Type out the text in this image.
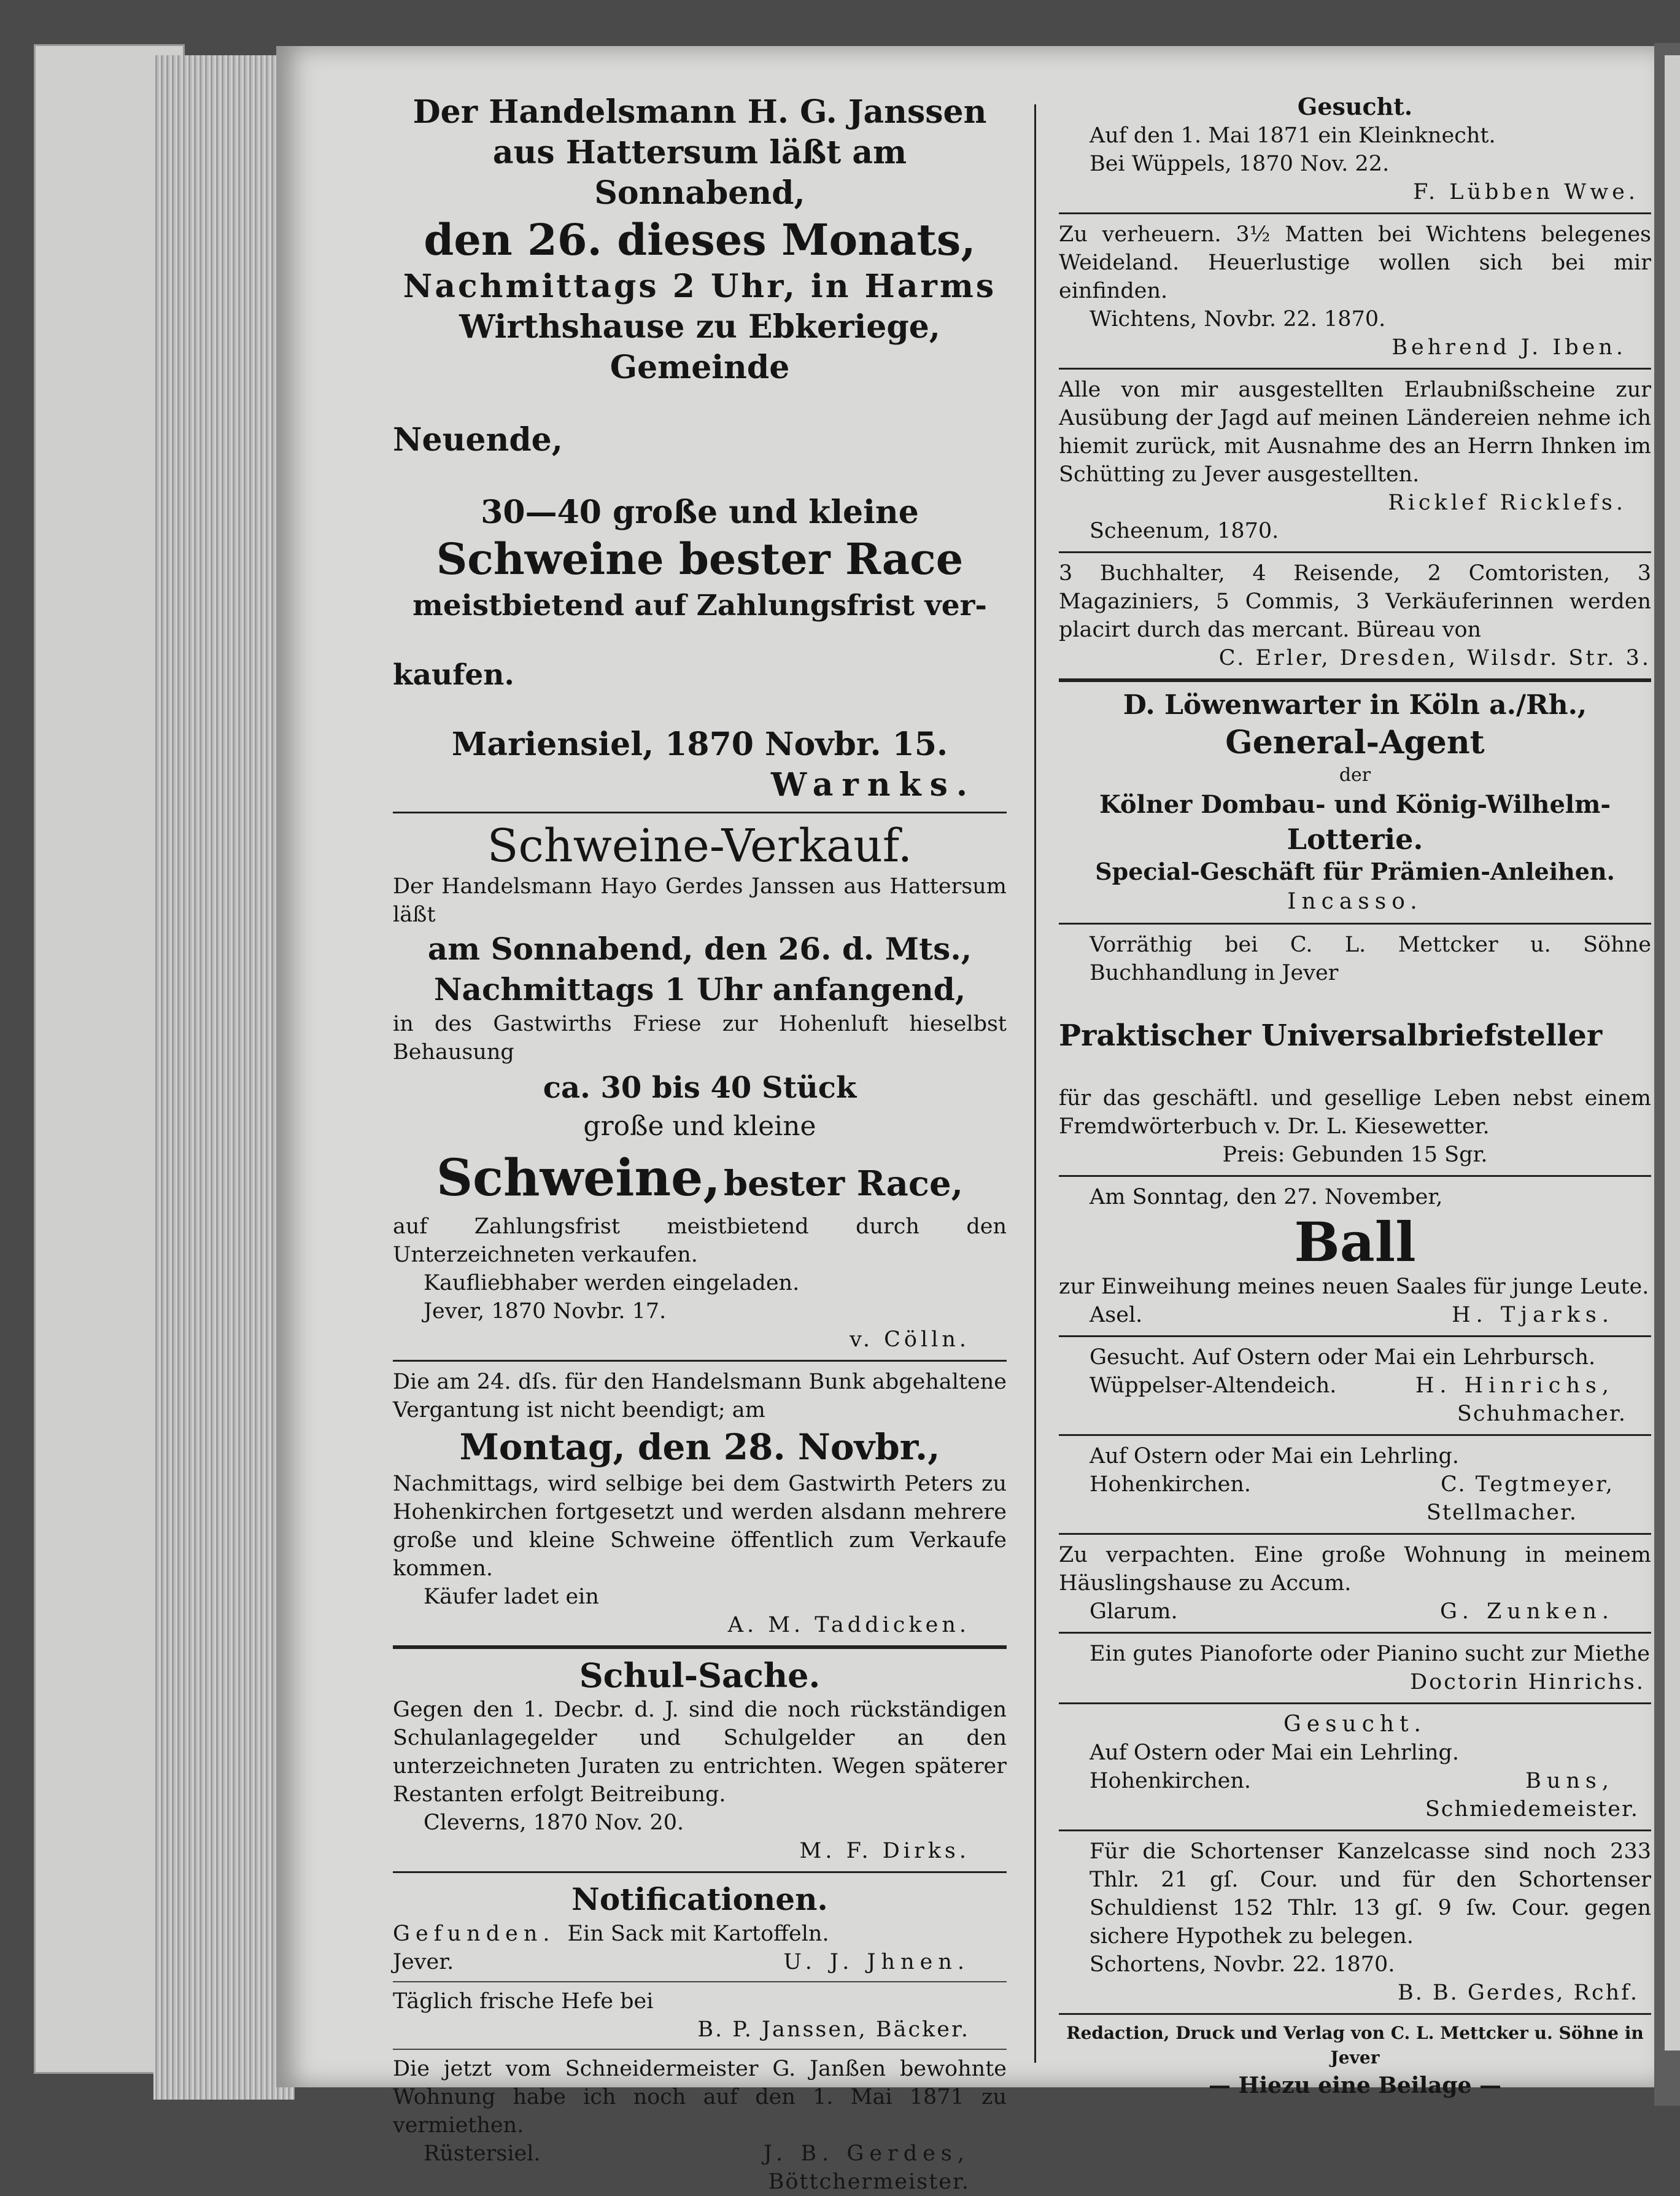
Der Handelsmann H. G. Janssen

aus Hattersum läßt am Sonnabend,

den 26. dieses Monats,

Nachmittags 2 Uhr, in Harms

Wirthshause zu Ebkeriege, Gemeinde

Neuende,

30—40 große und kleine

Schweine bester Race

meistbietend auf Zahlungsfrist ver-

kaufen.

Mariensiel, 1870 Novbr. 15.

Warnks.

Schweine-Verkauf.

Der Handelsmann Hayo Gerdes Janssen aus Hattersum läßt

am Sonnabend, den 26. d. Mts.,

Nachmittags 1 Uhr anfangend,

in des Gastwirths Friese zur Hohenluft hieselbst Behausung

ca. 30 bis 40 Stück

große und kleine

Schweine, bester Race,

auf Zahlungsfrist meistbietend durch den Unterzeichneten verkaufen.

Kaufliebhaber werden eingeladen.

Jever, 1870 Novbr. 17.

v. Cölln.

Die am 24. dſs. für den Handelsmann Bunk abgehaltene Vergantung ist nicht beendigt; am

Montag, den 28. Novbr.,

Nachmittags, wird selbige bei dem Gastwirth Peters zu Hohenkirchen fortgesetzt und werden alsdann mehrere große und kleine Schweine öffentlich zum Verkaufe kommen.

Käufer ladet ein

A. M. Taddicken.

Schul-Sache.

Gegen den 1. Decbr. d. J. sind die noch rückständigen Schulanlagegelder und Schulgelder an den unterzeichneten Juraten zu entrichten. Wegen späterer Restanten erfolgt Beitreibung.

Cleverns, 1870 Nov. 20.

M. F. Dirks.

Notificationen.

Gefunden. Ein Sack mit Kartoffeln.
Jever.	U. J. Jhnen.

Täglich frische Hefe bei

B. P. Janssen, Bäcker.

Die jetzt vom Schneidermeister G. Janßen bewohnte Wohnung habe ich noch auf den 1. Mai 1871 zu vermiethen.

Rüstersiel.	J. B. Gerdes,

Böttchermeister.

Gesucht.

Auf den 1. Mai 1871 ein Kleinknecht.

Bei Wüppels, 1870 Nov. 22.

F. Lübben Wwe.

Zu verheuern. 3½ Matten bei Wichtens belegenes Weideland. Heuerlustige wollen sich bei mir einfinden.

Wichtens, Novbr. 22. 1870.

Behrend J. Iben.

Alle von mir ausgestellten Erlaubnißscheine zur Ausübung der Jagd auf meinen Ländereien nehme ich hiemit zurück, mit Ausnahme des an Herrn Ihnken im Schütting zu Jever ausgestellten.

Ricklef Ricklefs.

Scheenum, 1870.

3 Buchhalter, 4 Reisende, 2 Comtoristen, 3 Magaziniers, 5 Commis, 3 Verkäuferinnen werden placirt durch das mercant. Büreau von

C. Erler, Dresden, Wilsdr. Str. 3.

D. Löwenwarter in Köln a./Rh.,

General-Agent

der

Kölner Dombau- und König-Wilhelm-

Lotterie.

Special-Geschäft für Prämien-Anleihen.

Incasso.

Vorräthig bei C. L. Mettcker u. Söhne Buchhandlung in Jever

Praktischer Universalbriefsteller

für das geschäftl. und gesellige Leben nebst einem Fremdwörterbuch v. Dr. L. Kiesewetter.

Preis: Gebunden 15 Sgr.

Am Sonntag, den 27. November,

Ball

zur Einweihung meines neuen Saales für junge Leute.

Asel.	H. Tjarks.

Gesucht. Auf Ostern oder Mai ein Lehrbursch.

Wüppelser-Altendeich.	H. Hinrichs,

Schuhmacher.

Auf Ostern oder Mai ein Lehrling.

Hohenkirchen.	C. Tegtmeyer,

Stellmacher.

Zu verpachten. Eine große Wohnung in meinem Häuslingshause zu Accum.

Glarum.	G. Zunken.

Ein gutes Pianoforte oder Pianino sucht zur Miethe

Doctorin Hinrichs.

Gesucht.

Auf Ostern oder Mai ein Lehrling.

Hohenkirchen.	Buns,

Schmiedemeister.

Für die Schortenser Kanzelcasse sind noch 233 Thlr. 21 gſ. Cour. und für den Schortenser Schuldienst 152 Thlr. 13 gſ. 9 ſw. Cour. gegen sichere Hypothek zu belegen.

Schortens, Novbr. 22. 1870.

B. B. Gerdes, Rchf.

Redaction, Druck und Verlag von C. L. Mettcker u. Söhne in Jever

— Hiezu eine Beilage —
